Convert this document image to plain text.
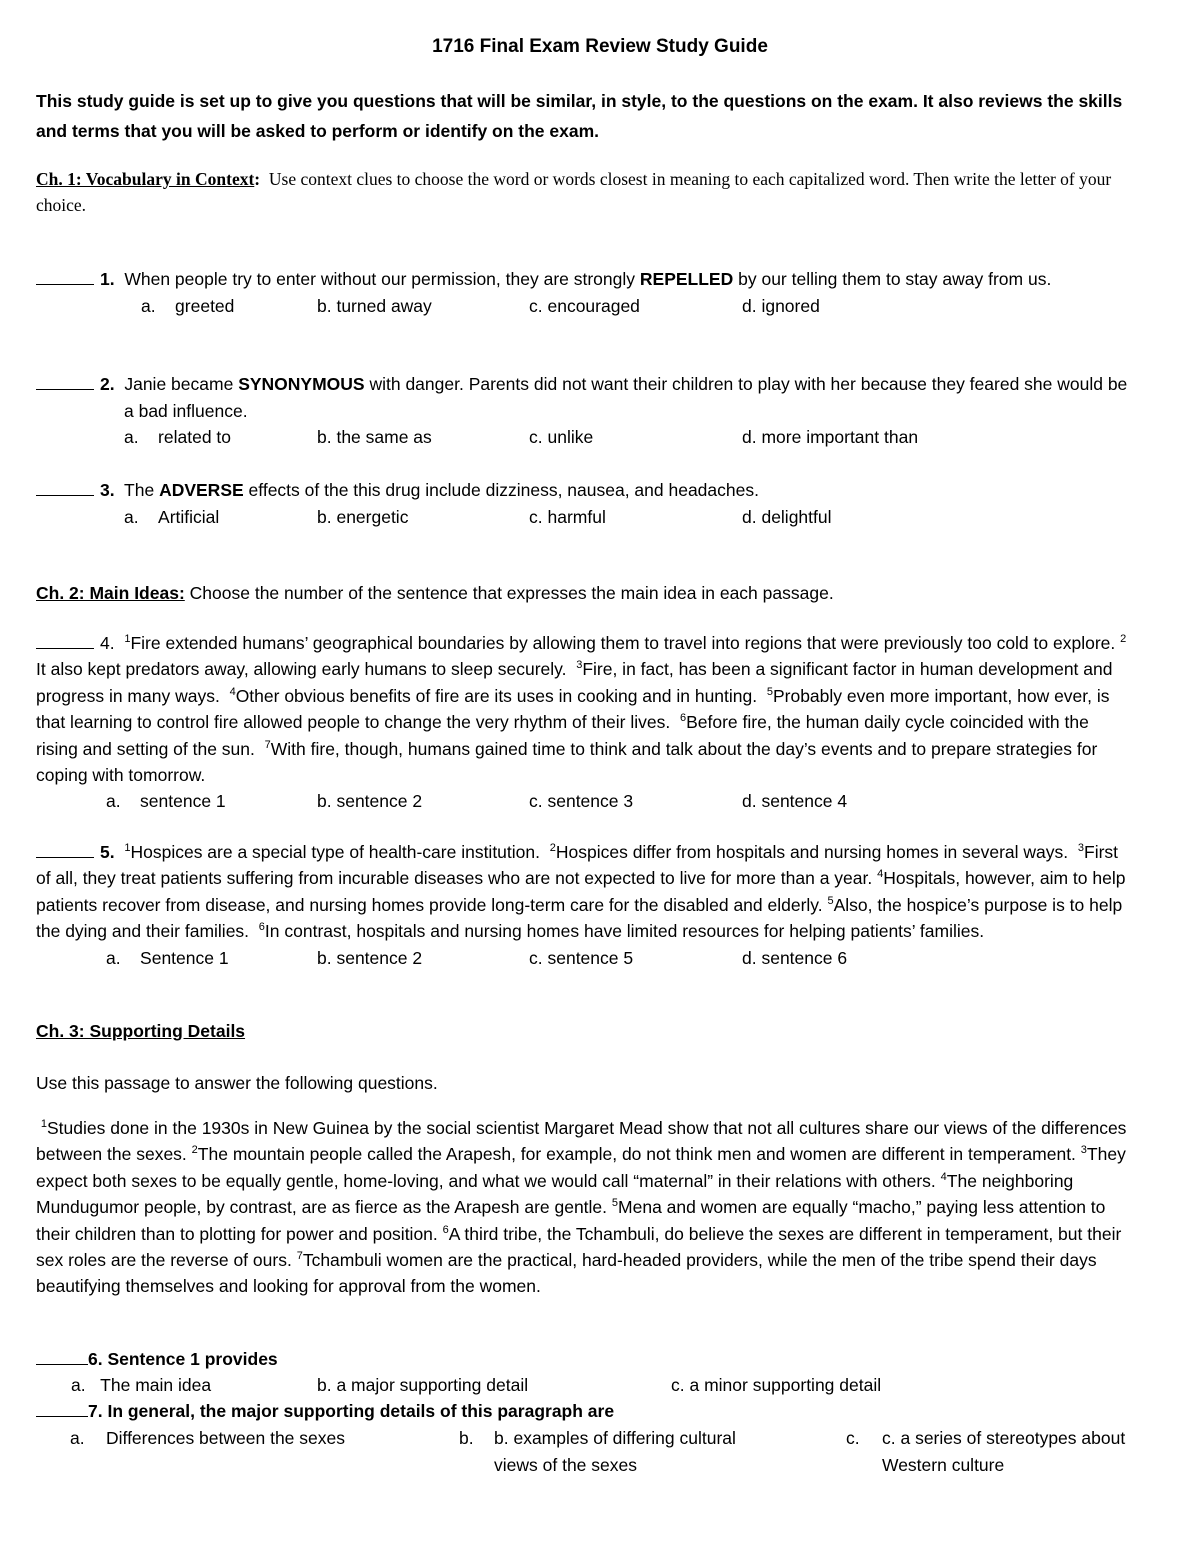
1716 Final Exam Review Study Guide
This study guide is set up to give you questions that will be similar, in style, to the questions on the exam. It also reviews the skills and terms that you will be asked to perform or identify on the exam.
Ch. 1: Vocabulary in Context: Use context clues to choose the word or words closest in meaning to each capitalized word. Then write the letter of your choice.
1. When people try to enter without our permission, they are strongly REPELLED by our telling them to stay away from us.
a.    greeted	b. turned away	c. encouraged	d. ignored
2. Janie became SYNONYMOUS with danger. Parents did not want their children to play with her because they feared she would be a bad influence.
a.    related to	b. the same as	c. unlike	d. more important than
3. The ADVERSE effects of the this drug include dizziness, nausea, and headaches.
a.    Artificial	b. energetic	c. harmful	d. delightful
Ch. 2: Main Ideas: Choose the number of the sentence that expresses the main idea in each passage.
4. $^1$Fire extended humans’ geographical boundaries by allowing them to travel into regions that were previously too cold to explore. $^2$ It also kept predators away, allowing early humans to sleep securely. $^3$Fire, in fact, has been a significant factor in human development and progress in many ways. $^4$Other obvious benefits of fire are its uses in cooking and in hunting. $^5$Probably even more important, how ever, is that learning to control fire allowed people to change the very rhythm of their lives. $^6$Before fire, the human daily cycle coincided with the rising and setting of the sun. $^7$With fire, though, humans gained time to think and talk about the day’s events and to prepare strategies for coping with tomorrow.
a.    sentence 1	b. sentence 2	c. sentence 3	d. sentence 4
5. $^1$Hospices are a special type of health-care institution. $^2$Hospices differ from hospitals and nursing homes in several ways. $^3$First of all, they treat patients suffering from incurable diseases who are not expected to live for more than a year. $^4$Hospitals, however, aim to help patients recover from disease, and nursing homes provide long-term care for the disabled and elderly. $^5$Also, the hospice’s purpose is to help the dying and their families. $^6$In contrast, hospitals and nursing homes have limited resources for helping patients’ families.
a.    Sentence 1	b. sentence 2	c. sentence 5	d. sentence 6
Ch. 3: Supporting Details
Use this passage to answer the following questions.
$^1$Studies done in the 1930s in New Guinea by the social scientist Margaret Mead show that not all cultures share our views of the differences between the sexes. $^2$The mountain people called the Arapesh, for example, do not think men and women are different in temperament. $^3$They expect both sexes to be equally gentle, home-loving, and what we would call “maternal” in their relations with others. $^4$The neighboring Mundugumor people, by contrast, are as fierce as the Arapesh are gentle. $^5$Mena and women are equally “macho,” paying less attention to their children than to plotting for power and position. $^6$A third tribe, the Tchambuli, do believe the sexes are different in temperament, but their sex roles are the reverse of ours. $^7$Tchambuli women are the practical, hard-headed providers, while the men of the tribe spend their days beautifying themselves and looking for approval from the women.
6. Sentence 1 provides
a.   The main idea	b. a major supporting detail	c. a minor supporting detail
7. In general, the major supporting details of this paragraph are
a. Differences between the sexes	b. b. examples of differing cultural views of the sexes
c. c. a series of stereotypes about Western culture
